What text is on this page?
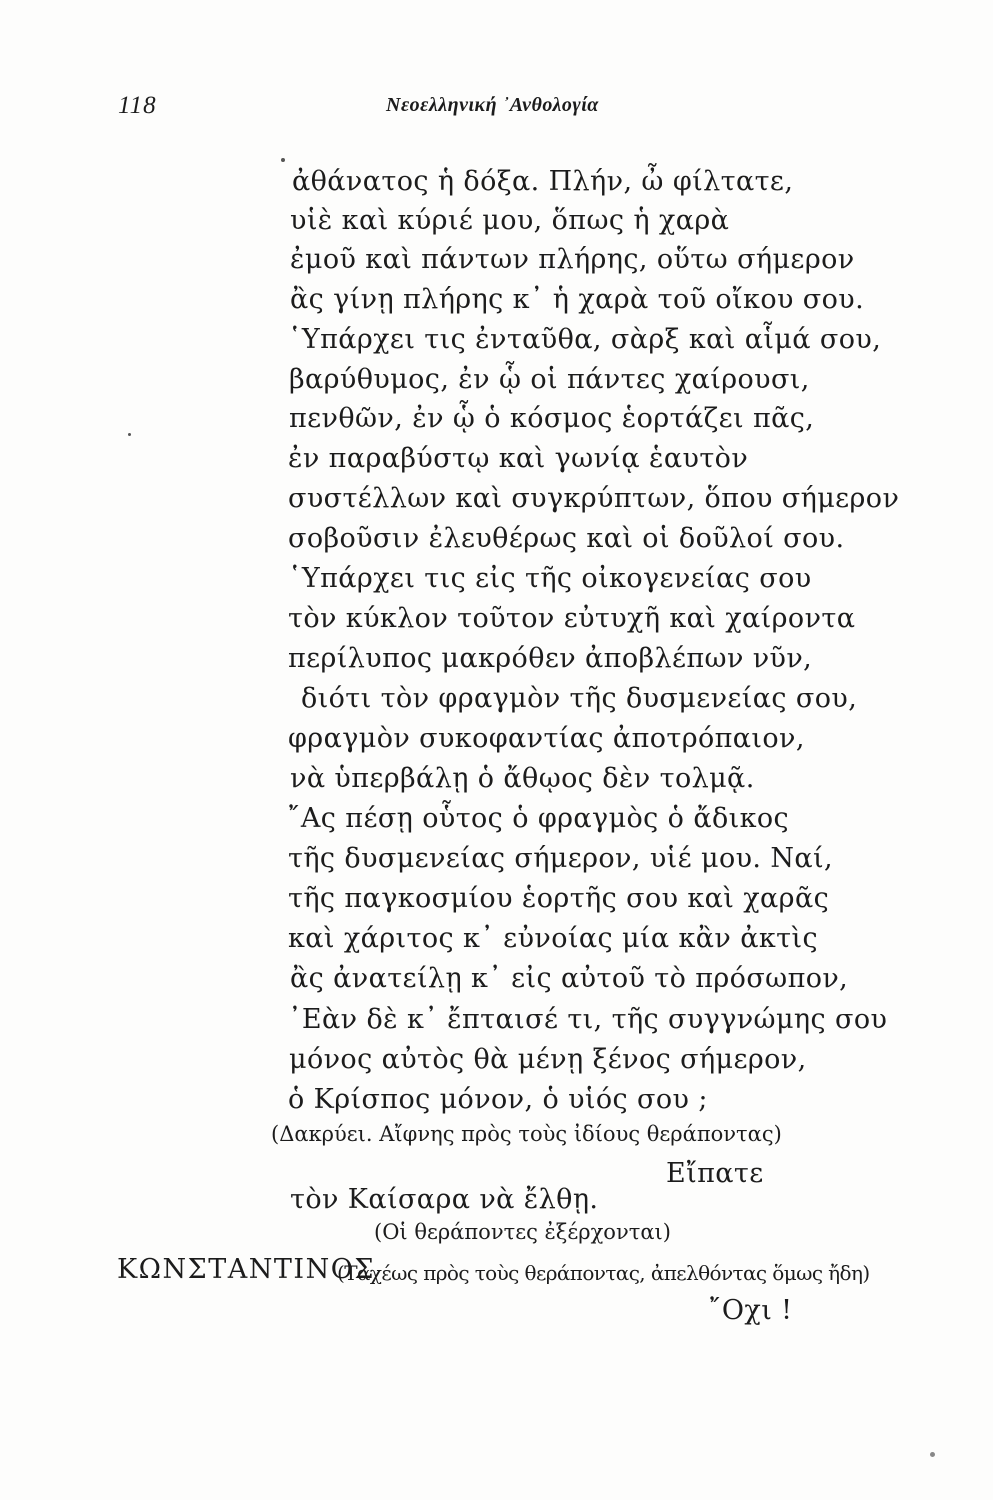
118	Νεοελληνική ᾿Ανθολογία
ἀθάνατος ἡ δόξα. Πλήν, ὦ φίλτατε,
υἱὲ καὶ κύριέ μου, ὅπως ἡ χαρὰ
ἐμοῦ καὶ πάντων πλήρης, οὕτω σήμερον
ἂς γίνῃ πλήρης κ᾿ ἡ χαρὰ τοῦ οἴκου σου.
῾Υπάρχει τις ἐνταῦθα, σὰρξ καὶ αἷμά σου,
βαρύθυμος, ἐν ᾧ οἱ πάντες χαίρουσι,
πενθῶν, ἐν ᾧ ὁ κόσμος ἑορτάζει πᾶς,
ἐν παραβύστῳ καὶ γωνίᾳ ἑαυτὸν
συστέλλων καὶ συγκρύπτων, ὅπου σήμερον
σοβοῦσιν ἐλευθέρως καὶ οἱ δοῦλοί σου.
῾Υπάρχει τις εἰς τῆς οἰκογενείας σου
τὸν κύκλον τοῦτον εὐτυχῆ καὶ χαίροντα
περίλυπος μακρόθεν ἀποβλέπων νῦν,
διότι τὸν φραγμὸν τῆς δυσμενείας σου,
φραγμὸν συκοφαντίας ἀποτρόπαιον,
νὰ ὑπερβάλῃ ὁ ἄθῳος δὲν τολμᾷ.
῎Ας πέσῃ οὗτος ὁ φραγμὸς ὁ ἄδικος
τῆς δυσμενείας σήμερον, υἱέ μου. Ναί,
τῆς παγκοσμίου ἑορτῆς σου καὶ χαρᾶς
καὶ χάριτος κ᾿ εὐνοίας μία κἂν ἀκτὶς
ἂς ἀνατείλῃ κ᾿ εἰς αὐτοῦ τὸ πρόσωπον,
᾿Εὰν δὲ κ᾿ ἔπταισέ τι, τῆς συγγνώμης σου
μόνος αὐτὸς θὰ μένῃ ξένος σήμερον,
ὁ Κρίσπος μόνον, ὁ υἱός σου ;
(Δακρύει. Αἴφνης πρὸς τοὺς ἰδίους θεράποντας)
Εἴπατε
τὸν Καίσαρα νὰ ἔλθῃ.
(Οἱ θεράποντες ἐξέρχονται)
ΚΩΝΣΤΑΝΤΙΝΟΣ
(Ταχέως πρὸς τοὺς θεράποντας, ἀπελθόντας ὅμως ἤδη)
῎Οχι !
